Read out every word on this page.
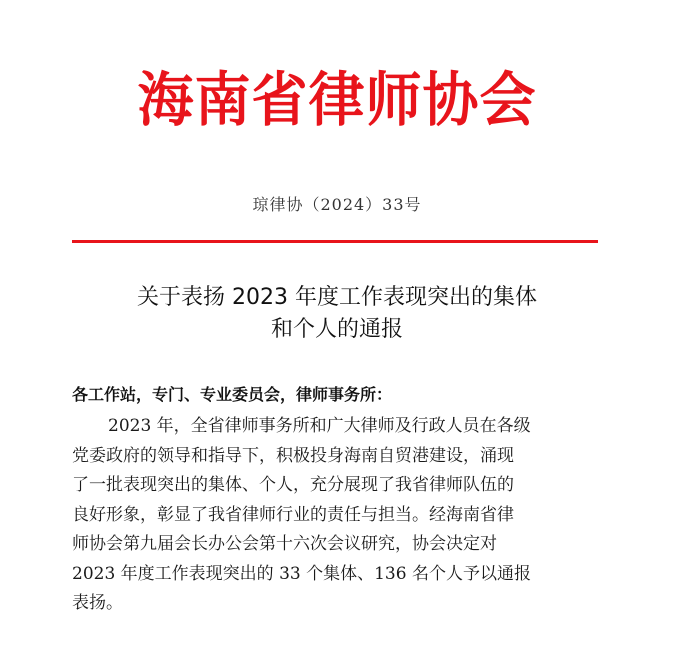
海南省律师协会
琼律协（2024）33号
关于表扬 2023 年度工作表现突出的集体
和个人的通报
各工作站，专门、专业委员会，律师事务所：
2023 年，全省律师事务所和广大律师及行政人员在各级
党委政府的领导和指导下，积极投身海南自贸港建设，涌现
了一批表现突出的集体、个人，充分展现了我省律师队伍的
良好形象，彰显了我省律师行业的责任与担当。经海南省律
师协会第九届会长办公会第十六次会议研究，协会决定对
2023 年度工作表现突出的 33 个集体、136 名个人予以通报
表扬。
